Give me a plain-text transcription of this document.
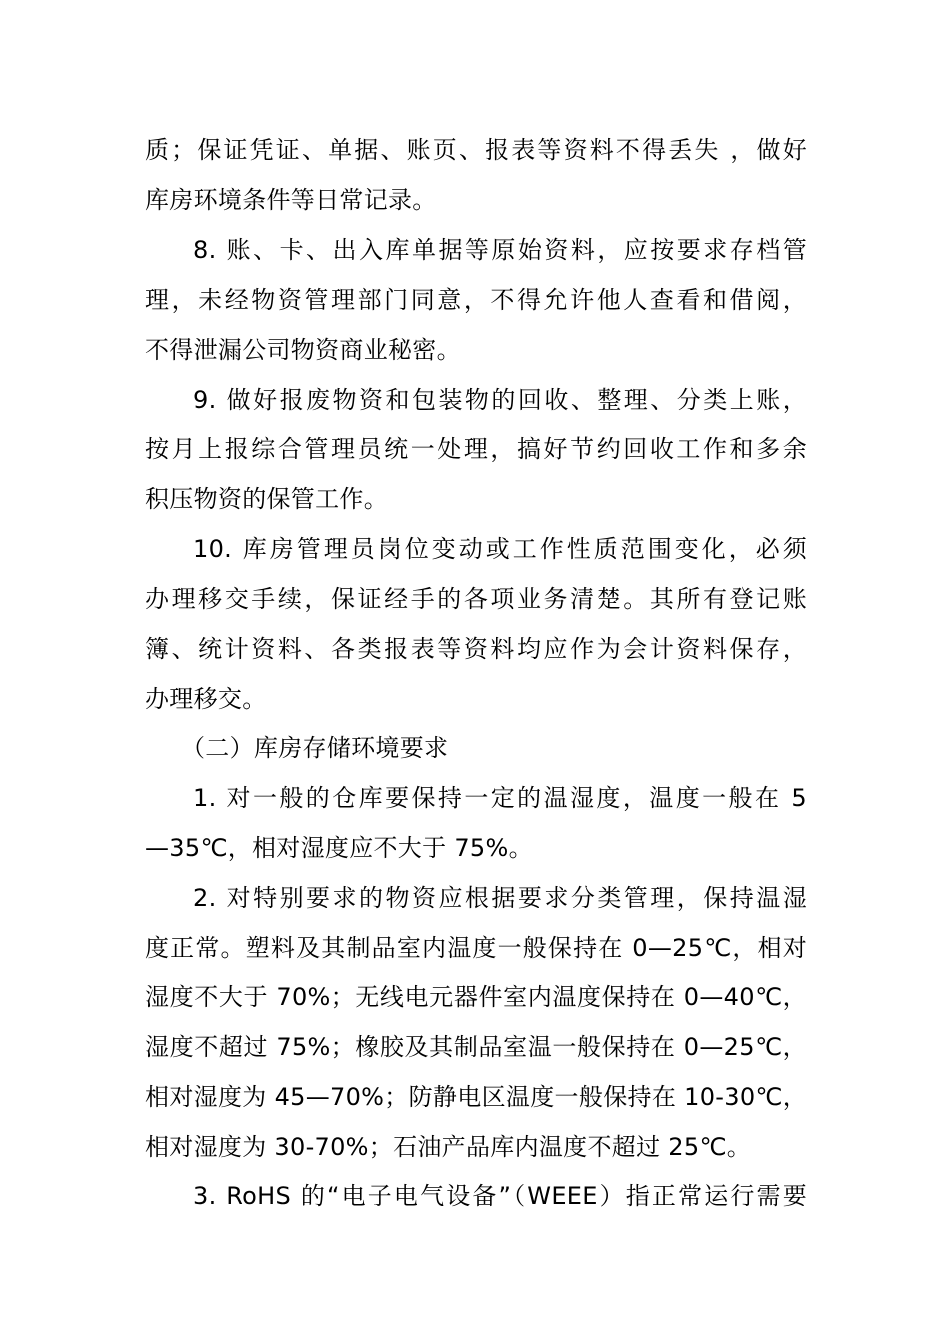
质；保证凭证、单据、账页、报表等资料不得丢失 ，做好
库房环境条件等日常记录。
8. 账、卡、出入库单据等原始资料，应按要求存档管
理，未经物资管理部门同意，不得允许他人查看和借阅，
不得泄漏公司物资商业秘密。
9. 做好报废物资和包装物的回收、整理、分类上账，
按月上报综合管理员统一处理，搞好节约回收工作和多余
积压物资的保管工作。
10. 库房管理员岗位变动或工作性质范围变化，必须
办理移交手续，保证经手的各项业务清楚。其所有登记账
簿、统计资料、各类报表等资料均应作为会计资料保存，
办理移交。
（二）库房存储环境要求
1. 对一般的仓库要保持一定的温湿度，温度一般在 5
—35℃，相对湿度应不大于 75%。
2. 对特别要求的物资应根据要求分类管理，保持温湿
度正常。塑料及其制品室内温度一般保持在 0—25℃，相对
湿度不大于 70%；无线电元器件室内温度保持在 0—40℃，
湿度不超过 75%；橡胶及其制品室温一般保持在 0—25℃，
相对湿度为 45—70%；防静电区温度一般保持在 10-30℃，
相对湿度为 30-70%；石油产品库内温度不超过 25℃。
3. RoHS 的“电子电气设备”（WEEE）指正常运行需要
